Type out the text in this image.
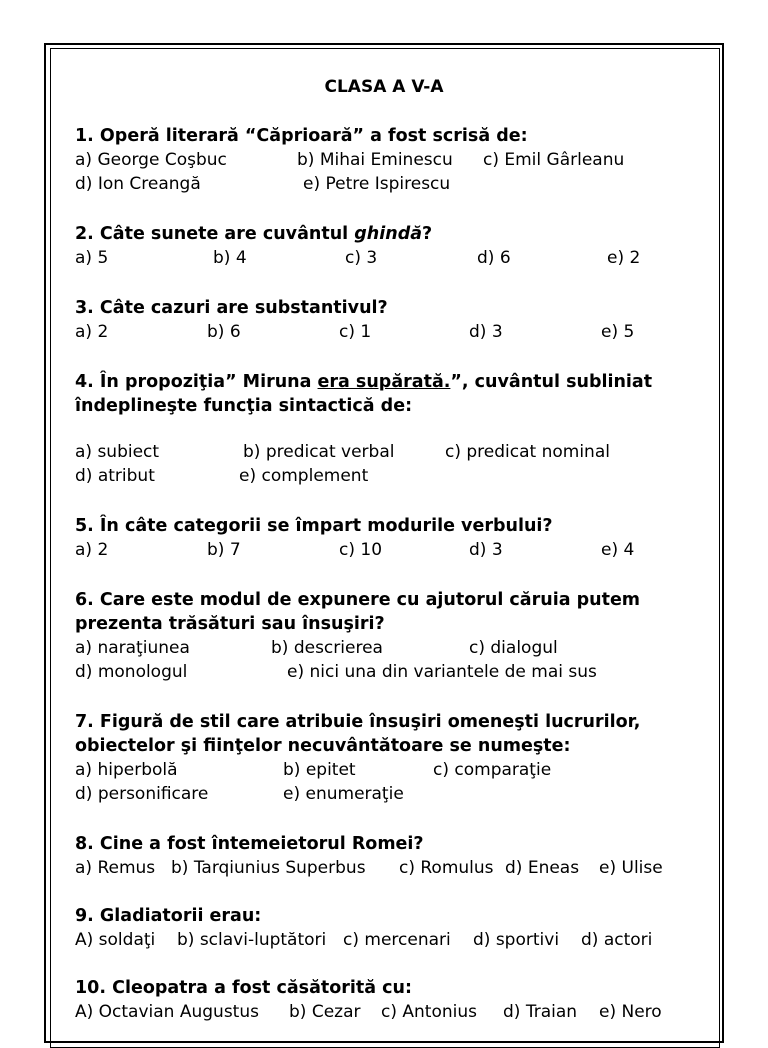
CLASA A V-A

1. Operă literară “Căprioară” a fost scrisă de:

a) George Coşbuc	b) Mihai Eminescu c) Emil Gârleanu
d) Ion Creangă	e) Petre Ispirescu

2. Câte sunete are cuvântul ghindă?

a) 5	b) 4	c) 3	d) 6	e) 2

3. Câte cazuri are substantivul?

a) 2	b) 6	c) 1	d) 3	e) 5

4. În propoziţia” Miruna era supărată.”, cuvântul subliniat

îndeplineşte funcţia sintactică de:

a) subiect	b) predicat verbal	c) predicat nominal
d) atribut	e) complement

5. În câte categorii se împart modurile verbului?

a) 2	b) 7	c) 10	d) 3	e) 4

6. Care este modul de expunere cu ajutorul căruia putem

prezenta trăsături sau însuşiri?

a) naraţiunea	b) descrierea	c) dialogul
d) monologul	e) nici una din variantele de mai sus

7. Figură de stil care atribuie însuşiri omeneşti lucrurilor,

obiectelor şi fiinţelor necuvântătoare se numeşte:

a) hiperbolă	b) epitet	c) comparaţie
d) personificare	e) enumeraţie

8. Cine a fost întemeietorul Romei?

a) Remus b) Tarqiunius Superbus c) Romulus d) Eneas e) Ulise

9. Gladiatorii erau:

A) soldaţi b) sclavi-luptători c) mercenari d) sportivi d) actori

10. Cleopatra a fost căsătorită cu:

A) Octavian Augustus b) Cezar c) Antonius d) Traian e) Nero
